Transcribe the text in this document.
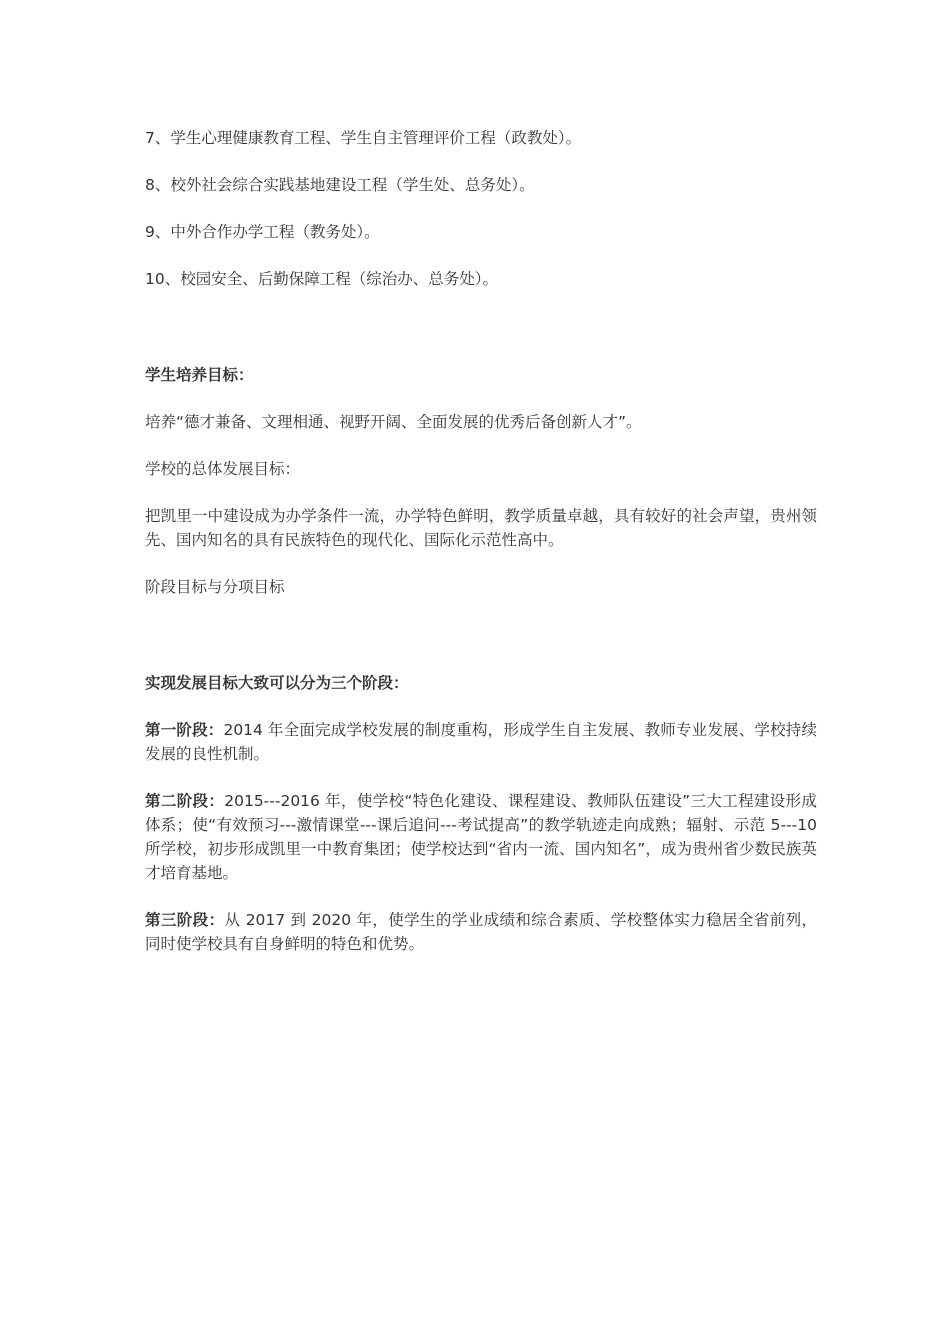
7、学生心理健康教育工程、学生自主管理评价工程（政教处）。

8、校外社会综合实践基地建设工程（学生处、总务处）。

9、中外合作办学工程（教务处）。

10、校园安全、后勤保障工程（综治办、总务处）。

学生培养目标：

培养“德才兼备、文理相通、视野开阔、全面发展的优秀后备创新人才”。

学校的总体发展目标：

把凯里一中建设成为办学条件一流，办学特色鲜明，教学质量卓越，具有较好的社会声望，贵州领先、国内知名的具有民族特色的现代化、国际化示范性高中。

阶段目标与分项目标

实现发展目标大致可以分为三个阶段：

第一阶段：2014 年全面完成学校发展的制度重构，形成学生自主发展、教师专业发展、学校持续发展的良性机制。

第二阶段：2015---2016 年，使学校“特色化建设、课程建设、教师队伍建设”三大工程建设形成体系；使“有效预习---激情课堂---课后追问---考试提高”的教学轨迹走向成熟；辐射、示范 5---10 所学校，初步形成凯里一中教育集团；使学校达到“省内一流、国内知名”，成为贵州省少数民族英才培育基地。

第三阶段：从 2017 到 2020 年，使学生的学业成绩和综合素质、学校整体实力稳居全省前列，同时使学校具有自身鲜明的特色和优势。
